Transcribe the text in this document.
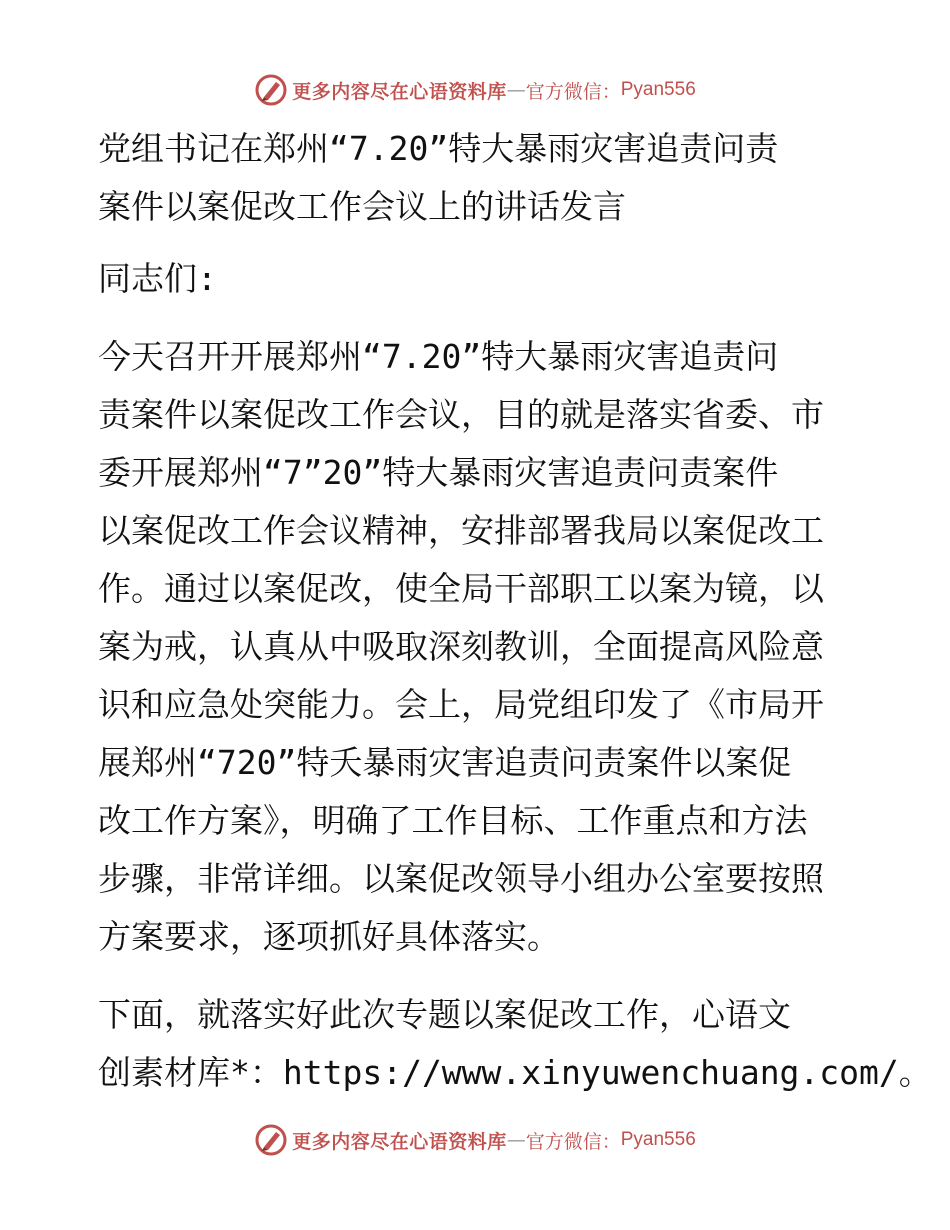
更多内容尽在心语资料库 — 官方微信： Pyan556
党组书记在郑州“7.20”特大暴雨灾害追责问责
案件以案促改工作会议上的讲话发言
同志们:
今天召开开展郑州“7.20”特大暴雨灾害追责问
责案件以案促改工作会议，目的就是落实省委、市
委开展郑州“7”20”特大暴雨灾害追责问责案件
以案促改工作会议精神，安排部署我局以案促改工
作。通过以案促改，使全局干部职工以案为镜，以
案为戒，认真从中吸取深刻教训，全面提高风险意
识和应急处突能力。会上，局党组印发了《市局开
展郑州“720”特夭暴雨灾害追责问责案件以案促
改工作方案》，明确了工作目标、工作重点和方法
步骤，非常详细。以案促改领导小组办公室要按照
方案要求，逐项抓好具体落实。
下面，就落实好此次专题以案促改工作，心语文
创素材库*：https://www.xinyuwenchuang.com/。
更多内容尽在心语资料库 — 官方微信： Pyan556
